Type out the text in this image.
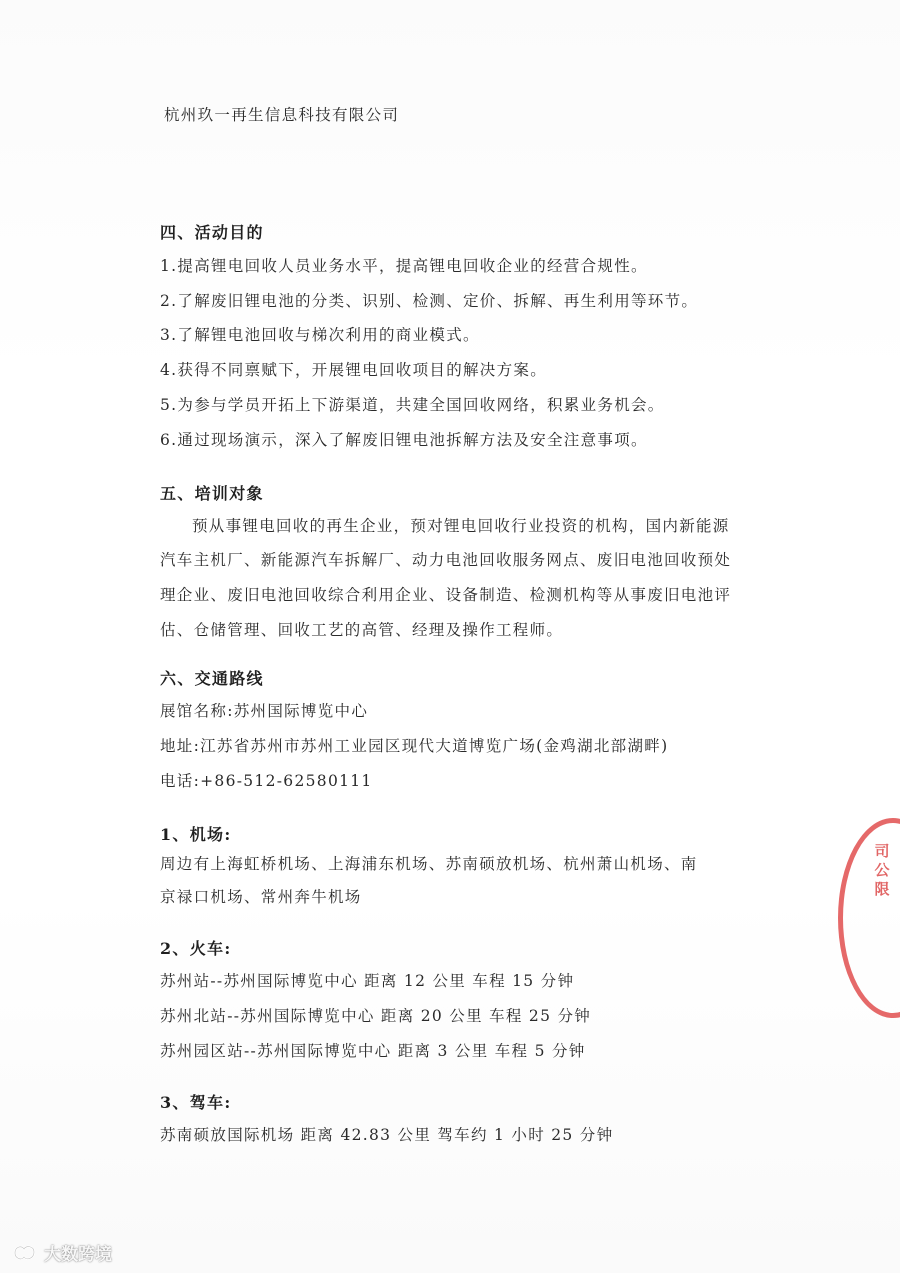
杭州玖一再生信息科技有限公司
四、活动目的
1.提高锂电回收人员业务水平，提高锂电回收企业的经营合规性。
2.了解废旧锂电池的分类、识别、检测、定价、拆解、再生利用等环节。
3.了解锂电池回收与梯次利用的商业模式。
4.获得不同禀赋下，开展锂电回收项目的解决方案。
5.为参与学员开拓上下游渠道，共建全国回收网络，积累业务机会。
6.通过现场演示，深入了解废旧锂电池拆解方法及安全注意事项。
五、培训对象
预从事锂电回收的再生企业，预对锂电回收行业投资的机构，国内新能源
汽车主机厂、新能源汽车拆解厂、动力电池回收服务网点、废旧电池回收预处
理企业、废旧电池回收综合利用企业、设备制造、检测机构等从事废旧电池评
估、仓储管理、回收工艺的高管、经理及操作工程师。
六、交通路线
展馆名称:苏州国际博览中心
地址:江苏省苏州市苏州工业园区现代大道博览广场(金鸡湖北部湖畔)
电话:+86-512-62580111
1、机场:
周边有上海虹桥机场、上海浦东机场、苏南硕放机场、杭州萧山机场、南
京禄口机场、常州奔牛机场
2、火车:
苏州站--苏州国际博览中心 距离 12 公里 车程 15 分钟
苏州北站--苏州国际博览中心 距离 20 公里 车程 25 分钟
苏州园区站--苏州国际博览中心 距离 3 公里 车程 5 分钟
3、驾车:
苏南硕放国际机场 距离 42.83 公里 驾车约 1 小时 25 分钟
司 公 限
大数跨境
